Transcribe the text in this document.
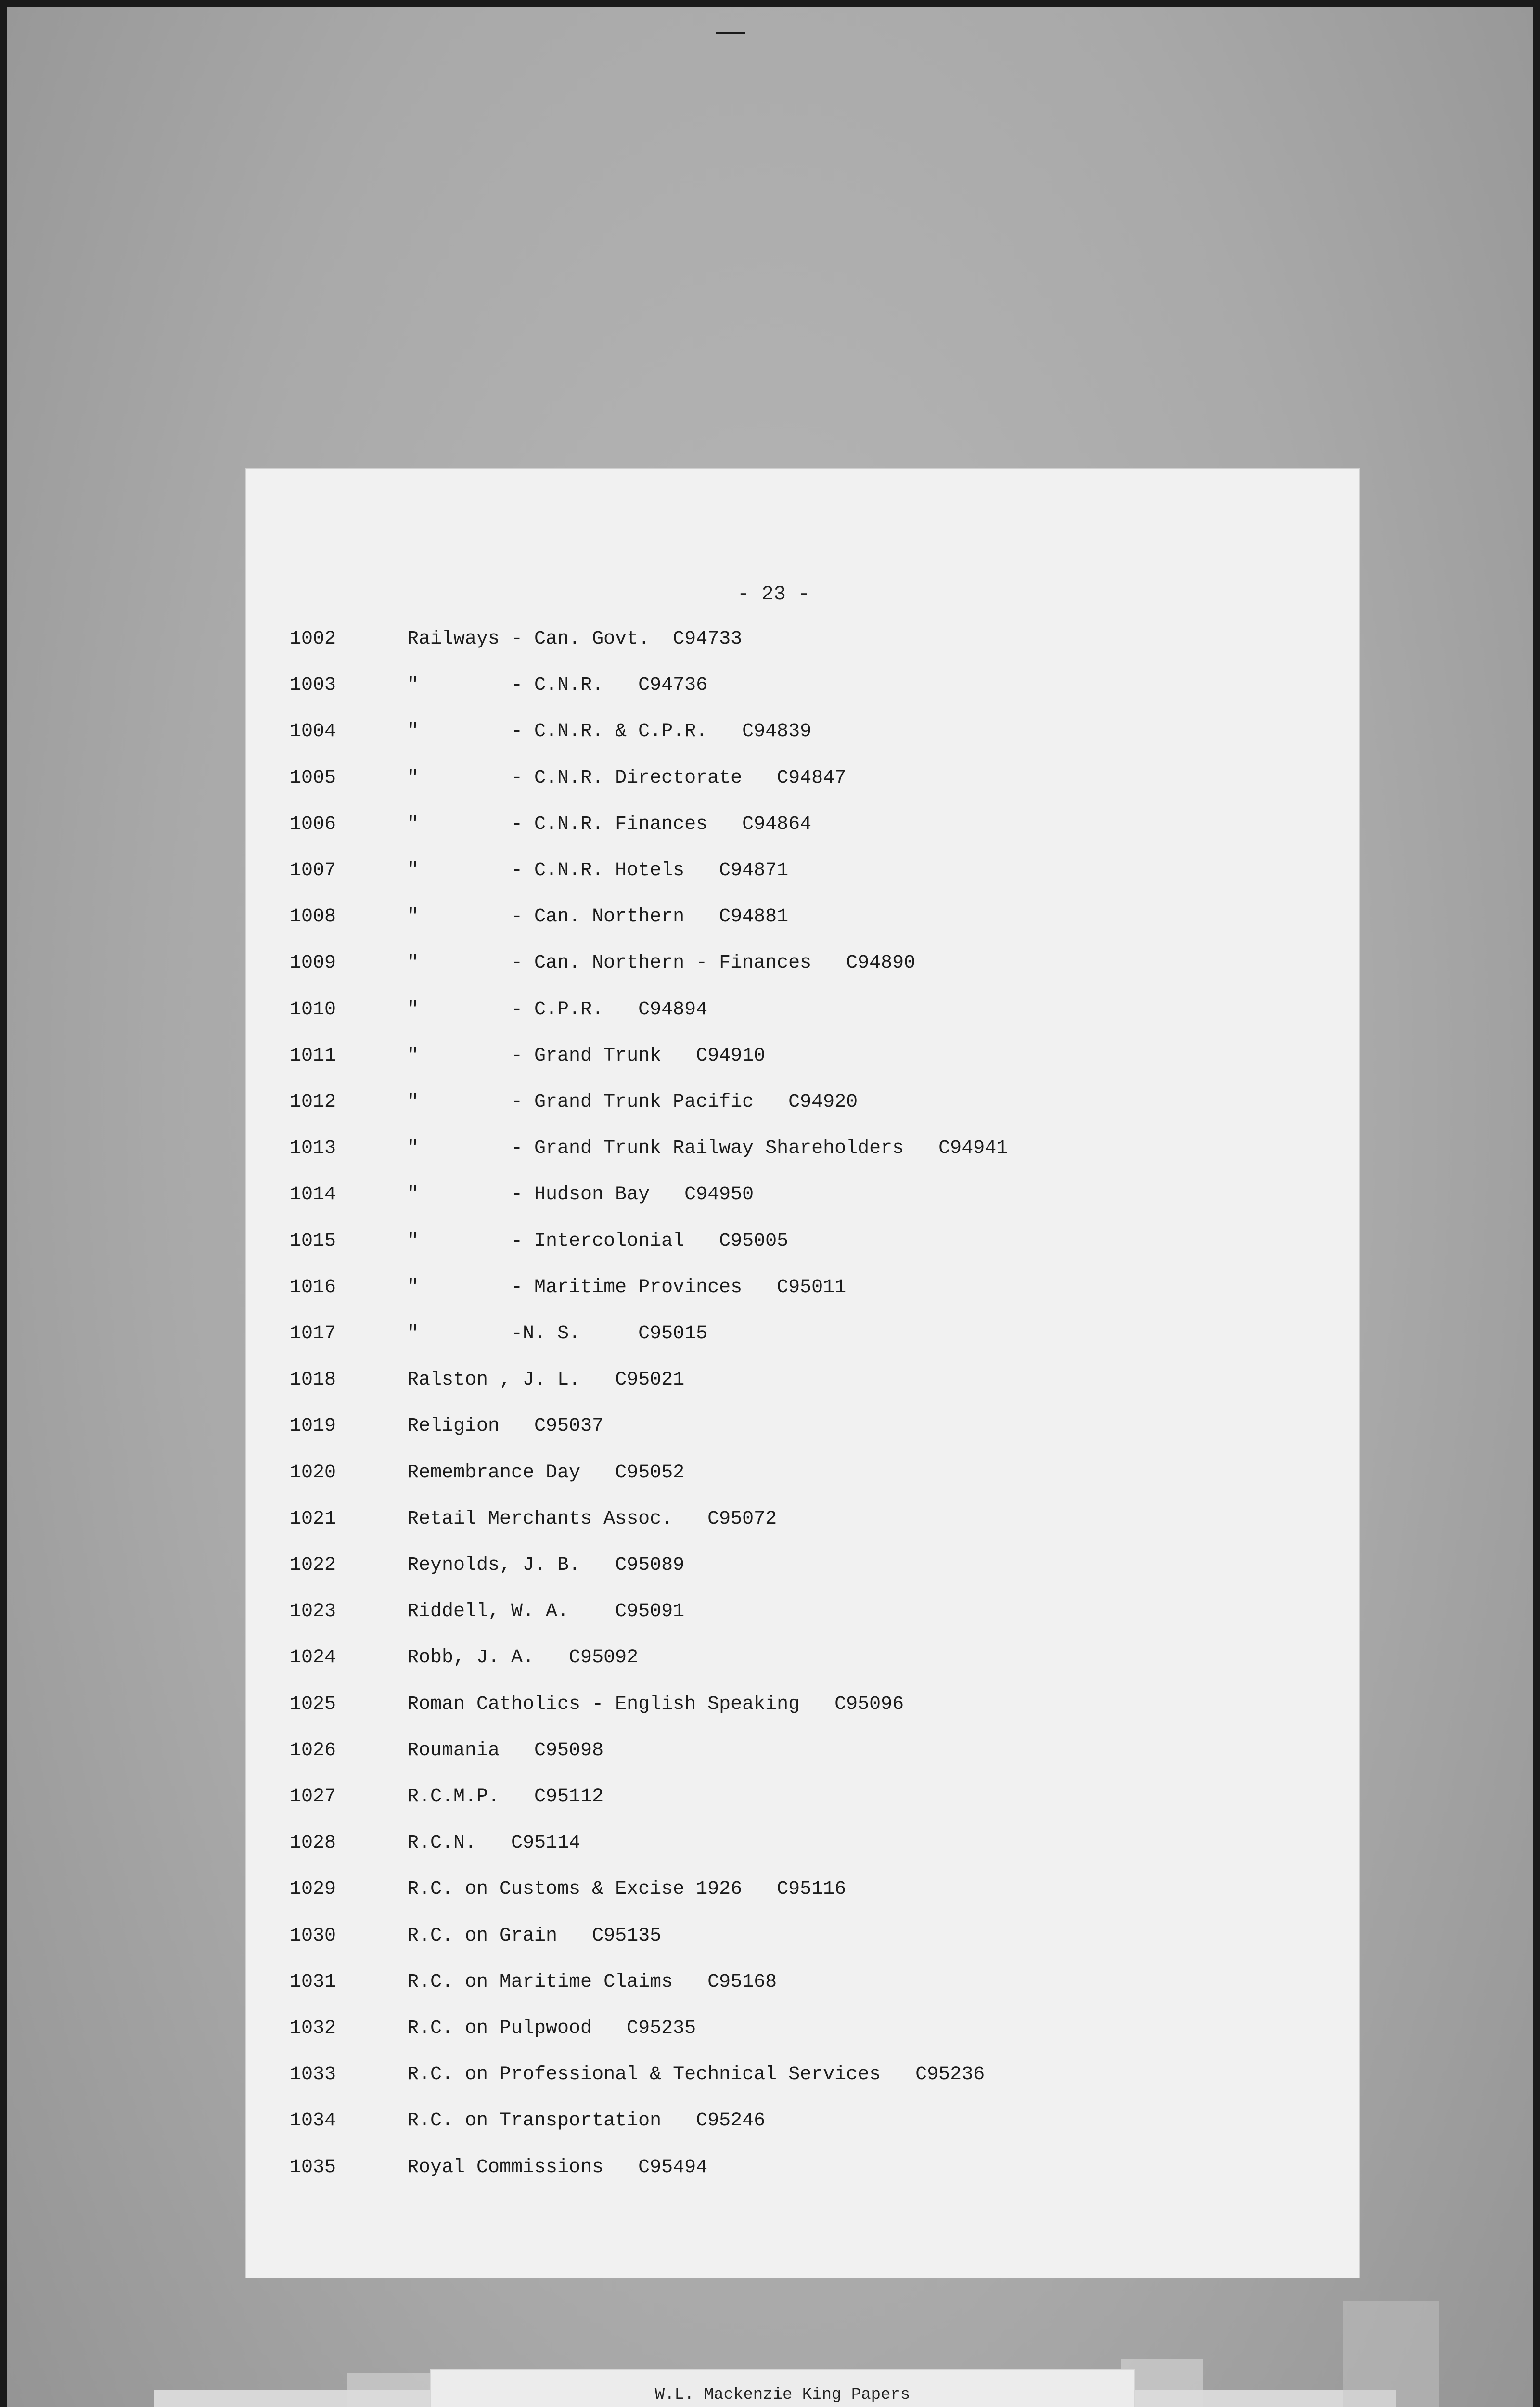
- 23 -
1002	Railways - Can. Govt.  C94733
1003	"        - C.N.R.   C94736
1004	"        - C.N.R. & C.P.R.   C94839
1005	"        - C.N.R. Directorate   C94847
1006	"        - C.N.R. Finances   C94864
1007	"        - C.N.R. Hotels   C94871
1008	"        - Can. Northern   C94881
1009	"        - Can. Northern - Finances   C94890
1010	"        - C.P.R.   C94894
1011	"        - Grand Trunk   C94910
1012	"        - Grand Trunk Pacific   C94920
1013	"        - Grand Trunk Railway Shareholders   C94941
1014	"        - Hudson Bay   C94950
1015	"        - Intercolonial   C95005
1016	"        - Maritime Provinces   C95011
1017	"        -N. S.     C95015
1018	Ralston , J. L.   C95021
1019	Religion   C95037
1020	Remembrance Day   C95052
1021	Retail Merchants Assoc.   C95072
1022	Reynolds, J. B.   C95089
1023	Riddell, W. A.    C95091
1024	Robb, J. A.   C95092
1025	Roman Catholics - English Speaking   C95096
1026	Roumania   C95098
1027	R.C.M.P.   C95112
1028	R.C.N.   C95114
1029	R.C. on Customs & Excise 1926   C95116
1030	R.C. on Grain   C95135
1031	R.C. on Maritime Claims   C95168
1032	R.C. on Pulpwood   C95235
1033	R.C. on Professional & Technical Services   C95236
1034	R.C. on Transportation   C95246
1035	Royal Commissions   C95494
W.L. Mackenzie King Papers
